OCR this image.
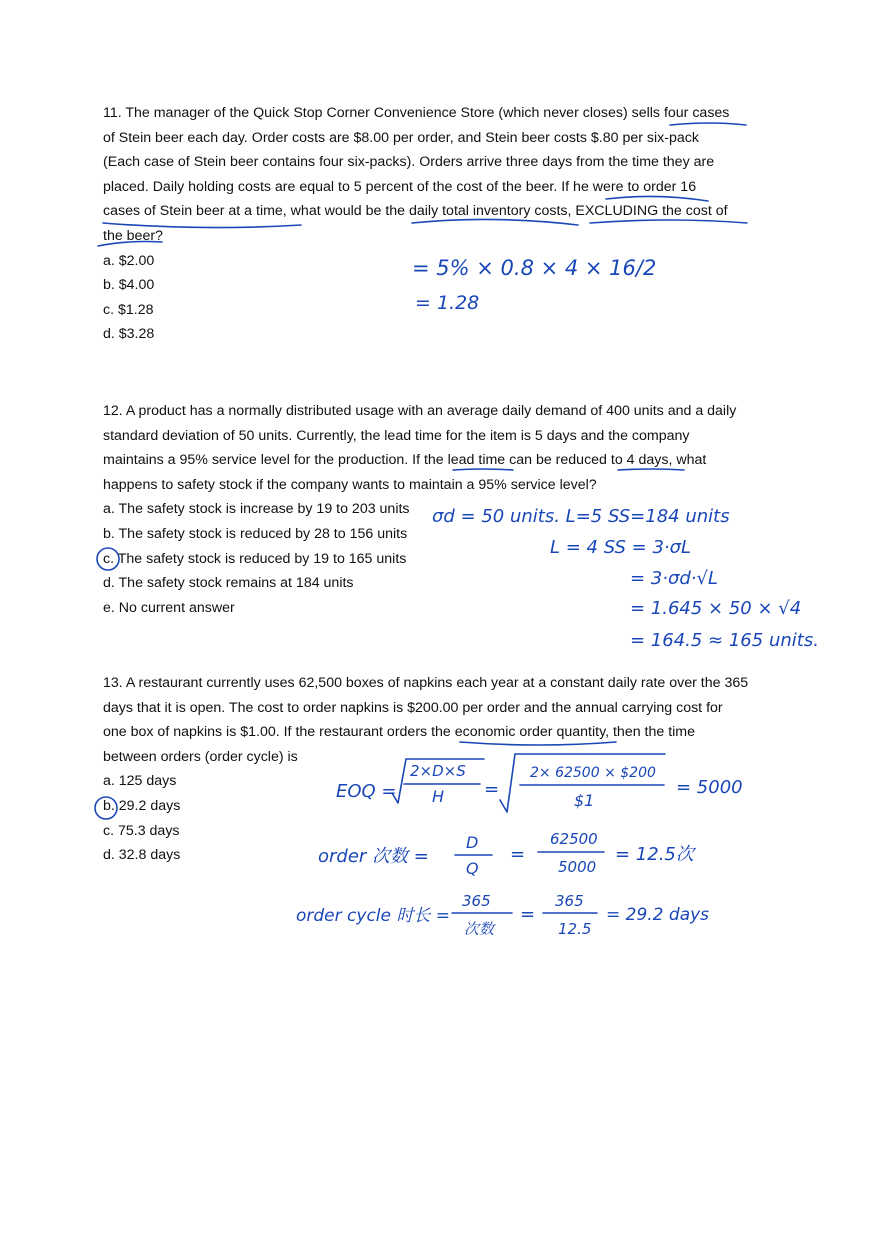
11. The manager of the Quick Stop Corner Convenience Store (which never closes) sells four cases

of Stein beer each day. Order costs are $8.00 per order, and Stein beer costs $.80 per six-pack

(Each case of Stein beer contains four six-packs). Orders arrive three days from the time they are

placed. Daily holding costs are equal to 5 percent of the cost of the beer. If he were to order 16

cases of Stein beer at a time, what would be the daily total inventory costs, EXCLUDING the cost of

the beer?

a. $2.00

b. $4.00

c. $1.28

d. $3.28

12. A product has a normally distributed usage with an average daily demand of 400 units and a daily

standard deviation of 50 units. Currently, the lead time for the item is 5 days and the company

maintains a 95% service level for the production. If the lead time can be reduced to 4 days, what

happens to safety stock if the company wants to maintain a 95% service level?

a. The safety stock is increase by 19 to 203 units

b. The safety stock is reduced by 28 to 156 units

c. The safety stock is reduced by 19 to 165 units

d. The safety stock remains at 184 units

e. No current answer

13. A restaurant currently uses 62,500 boxes of napkins each year at a constant daily rate over the 365

days that it is open. The cost to order napkins is $200.00 per order and the annual carrying cost for

one box of napkins is $1.00. If the restaurant orders the economic order quantity, then the time

between orders (order cycle) is

a. 125 days

b. 29.2 days

c. 75.3 days

d. 32.8 days

= 5% × 0.8 × 4 × 16/2
= 1.28
σd = 50 units. L=5 SS=184 units
L = 4 SS = 3·σL
= 3·σd·√L
= 1.645 × 50 × √4
= 164.5 ≈ 165 units.
EOQ =
2×D×S
H =
2× 62500 × $200
$1
= 5000
order 次数 =
D
Q
=
62500
5000
= 12.5次
order cycle 时长 =
365
次数
=
365
12.5
= 29.2 days
